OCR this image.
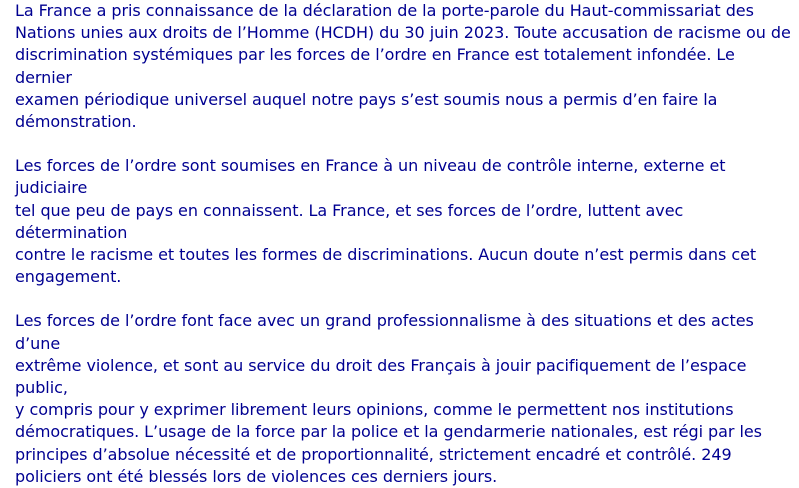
La France a pris connaissance de la déclaration de la porte-parole du Haut-commissariat des
Nations unies aux droits de l’Homme (HCDH) du 30 juin 2023. Toute accusation de racisme ou de
discrimination systémiques par les forces de l’ordre en France est totalement infondée. Le dernier
examen périodique universel auquel notre pays s’est soumis nous a permis d’en faire la
démonstration.

Les forces de l’ordre sont soumises en France à un niveau de contrôle interne, externe et judiciaire
tel que peu de pays en connaissent. La France, et ses forces de l’ordre, luttent avec détermination
contre le racisme et toutes les formes de discriminations. Aucun doute n’est permis dans cet
engagement.

Les forces de l’ordre font face avec un grand professionnalisme à des situations et des actes d’une
extrême violence, et sont au service du droit des Français à jouir pacifiquement de l’espace public,
y compris pour y exprimer librement leurs opinions, comme le permettent nos institutions
démocratiques. L’usage de la force par la police et la gendarmerie nationales, est régi par les
principes d’absolue nécessité et de proportionnalité, strictement encadré et contrôlé. 249
policiers ont été blessés lors de violences ces derniers jours.
